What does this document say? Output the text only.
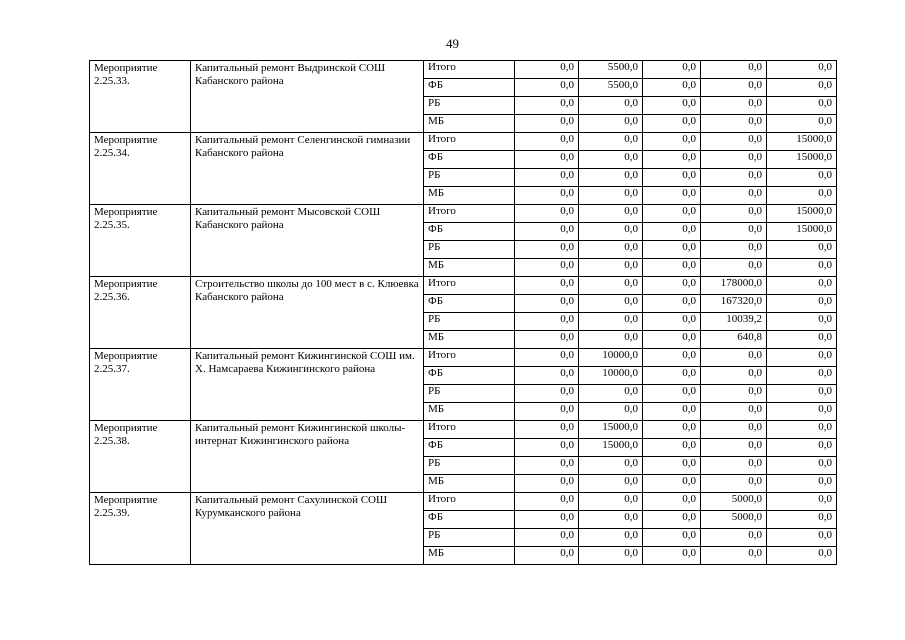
49
Мероприятие 2.25.33.	Капитальный ремонт Выдринской СОШ Кабанского района	Итого	0,0	5500,0	0,0	0,0	0,0
		ФБ	0,0	5500,0	0,0	0,0	0,0
		РБ	0,0	0,0	0,0	0,0	0,0
		МБ	0,0	0,0	0,0	0,0	0,0
Мероприятие 2.25.34.	Капитальный ремонт Селенгинской гимназии Кабанского района	Итого	0,0	0,0	0,0	0,0	15000,0
		ФБ	0,0	0,0	0,0	0,0	15000,0
		РБ	0,0	0,0	0,0	0,0	0,0
		МБ	0,0	0,0	0,0	0,0	0,0
Мероприятие 2.25.35.	Капитальный ремонт Мысовской СОШ Кабанского района	Итого	0,0	0,0	0,0	0,0	15000,0
		ФБ	0,0	0,0	0,0	0,0	15000,0
		РБ	0,0	0,0	0,0	0,0	0,0
		МБ	0,0	0,0	0,0	0,0	0,0
Мероприятие 2.25.36.	Строительство школы до 100 мест в с. Клюевка Кабанского района	Итого	0,0	0,0	0,0	178000,0	0,0
		ФБ	0,0	0,0	0,0	167320,0	0,0
		РБ	0,0	0,0	0,0	10039,2	0,0
		МБ	0,0	0,0	0,0	640,8	0,0
Мероприятие 2.25.37.	Капитальный ремонт Кижингинской СОШ им. Х. Намсараева Кижингинского района	Итого	0,0	10000,0	0,0	0,0	0,0
		ФБ	0,0	10000,0	0,0	0,0	0,0
		РБ	0,0	0,0	0,0	0,0	0,0
		МБ	0,0	0,0	0,0	0,0	0,0
Мероприятие 2.25.38.	Капитальный ремонт Кижингинской школы-интернат Кижингинского района	Итого	0,0	15000,0	0,0	0,0	0,0
		ФБ	0,0	15000,0	0,0	0,0	0,0
		РБ	0,0	0,0	0,0	0,0	0,0
		МБ	0,0	0,0	0,0	0,0	0,0
Мероприятие 2.25.39.	Капитальный ремонт Сахулинской СОШ Курумканского района	Итого	0,0	0,0	0,0	5000,0	0,0
		ФБ	0,0	0,0	0,0	5000,0	0,0
		РБ	0,0	0,0	0,0	0,0	0,0
		МБ	0,0	0,0	0,0	0,0	0,0
